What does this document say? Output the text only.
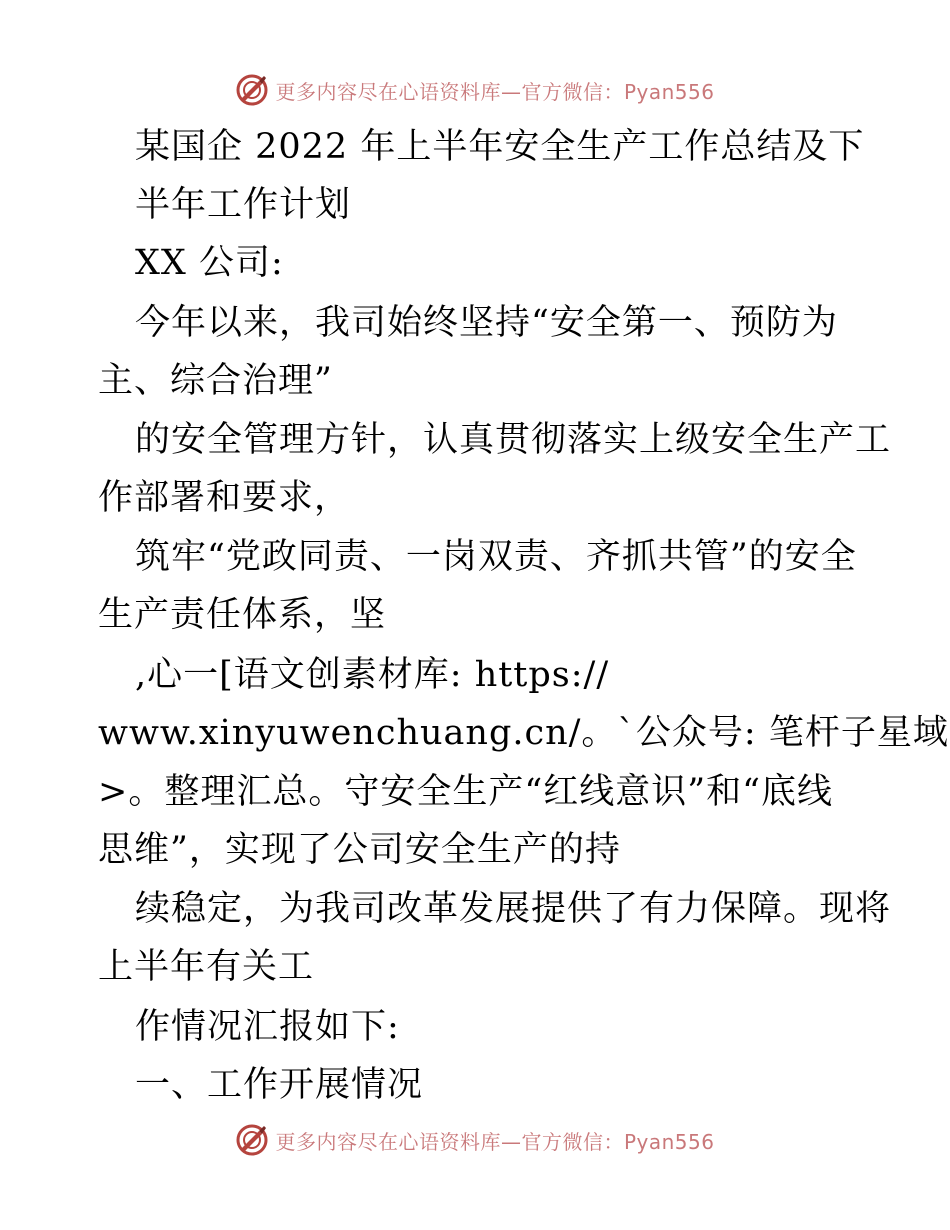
更多内容尽在心语资料库—官方微信：Pyan556
某国企 2022 年上半年安全生产工作总结及下
半年工作计划
XX 公司:
今年以来，我司始终坚持“安全第一、预防为
主、综合治理”
的安全管理方针，认真贯彻落实上级安全生产工
作部署和要求，
筑牢“党政同责、一岗双责、齐抓共管”的安全
生产责任体系，坚
,心一[语文创素材库: https://
www.xinyuwenchuang.cn/。`公众号: 笔杆子星域
>。整理汇总。守安全生产“红线意识”和“底线
思维”，实现了公司安全生产的持
续稳定，为我司改革发展提供了有力保障。现将
上半年有关工
作情况汇报如下:
一、工作开展情况
更多内容尽在心语资料库—官方微信：Pyan556
